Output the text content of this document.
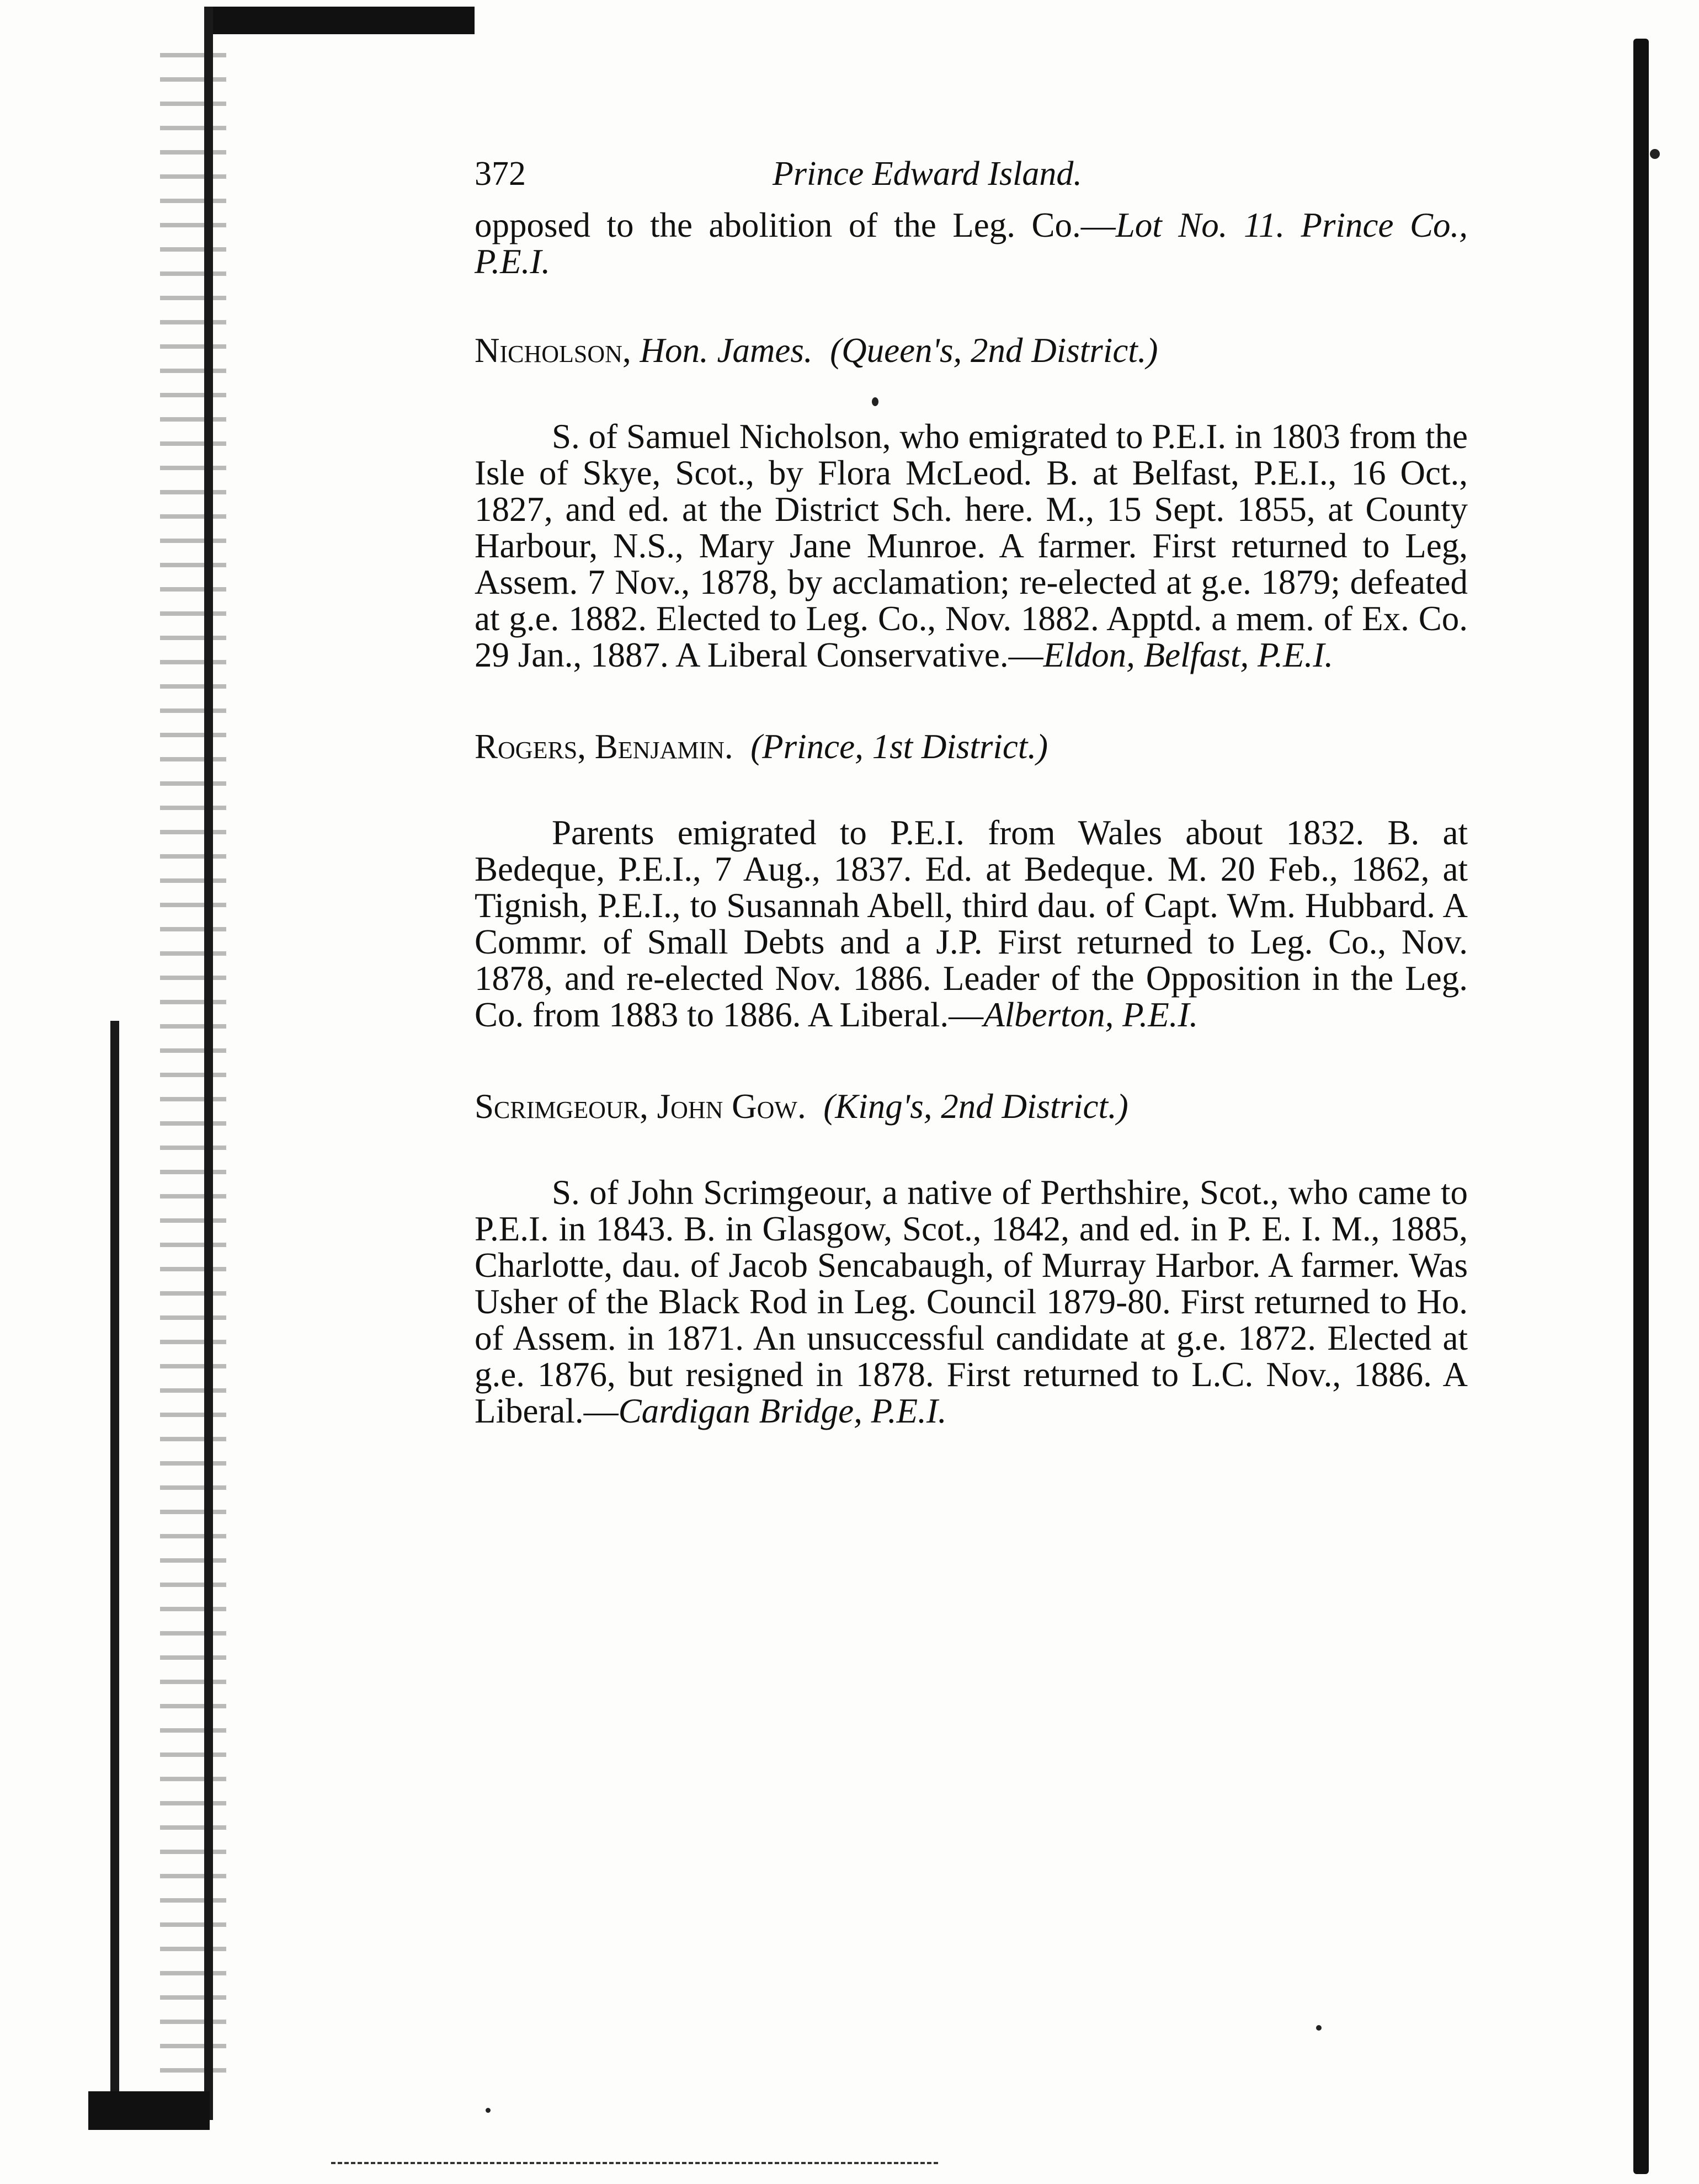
372	Prince Edward Island.

opposed to the abolition of the Leg. Co.—Lot No. 11. Prince Co., P.E.I.

Nicholson, Hon. James. (Queen's, 2nd District.)

S. of Samuel Nicholson, who emigrated to P.E.I. in 1803 from the Isle of Skye, Scot., by Flora McLeod. B. at Belfast, P.E.I., 16 Oct., 1827, and ed. at the District Sch. here. M., 15 Sept. 1855, at County Harbour, N.S., Mary Jane Munroe. A farmer. First returned to Leg, Assem. 7 Nov., 1878, by acclamation; re-elected at g.e. 1879; defeated at g.e. 1882. Elected to Leg. Co., Nov. 1882. Apptd. a mem. of Ex. Co. 29 Jan., 1887. A Liberal Conservative.—Eldon, Belfast, P.E.I.

Rogers, Benjamin. (Prince, 1st District.)

Parents emigrated to P.E.I. from Wales about 1832. B. at Bedeque, P.E.I., 7 Aug., 1837. Ed. at Bedeque. M. 20 Feb., 1862, at Tignish, P.E.I., to Susannah Abell, third dau. of Capt. Wm. Hubbard. A Commr. of Small Debts and a J.P. First returned to Leg. Co., Nov. 1878, and re-elected Nov. 1886. Leader of the Opposition in the Leg. Co. from 1883 to 1886. A Liberal.—Alberton, P.E.I.

Scrimgeour, John Gow. (King's, 2nd District.)

S. of John Scrimgeour, a native of Perthshire, Scot., who came to P.E.I. in 1843. B. in Glasgow, Scot., 1842, and ed. in P. E. I. M., 1885, Charlotte, dau. of Jacob Sencabaugh, of Murray Harbor. A farmer. Was Usher of the Black Rod in Leg. Council 1879-80. First returned to Ho. of Assem. in 1871. An unsuccessful candidate at g.e. 1872. Elected at g.e. 1876, but resigned in 1878. First returned to L.C. Nov., 1886. A Liberal.—Cardigan Bridge, P.E.I.
